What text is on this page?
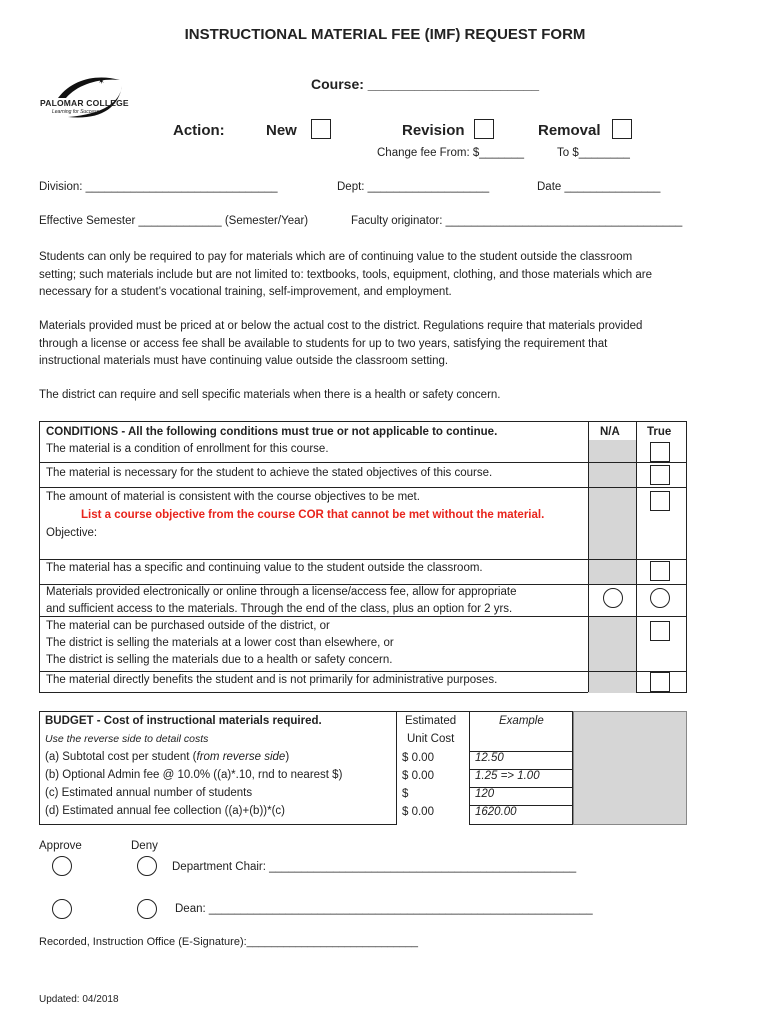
INSTRUCTIONAL MATERIAL FEE (IMF) REQUEST FORM
✶
PALOMAR COLLEGE
Learning for Success
Course: ______________________
Action:	New	Revision	Removal
Change fee From: $_______	To $________
Division: ______________________________	Dept: ___________________	Date _______________
Effective Semester _____________ (Semester/Year)	Faculty originator: _____________________________________
Students can only be required to pay for materials which are of continuing value to the student outside the classroom
setting; such materials include but are not limited to: textbooks, tools, equipment, clothing, and those materials which are
necessary for a student’s vocational training, self-improvement, and employment.
Materials provided must be priced at or below the actual cost to the district. Regulations require that materials provided
through a license or access fee shall be available to students for up to two years, satisfying the requirement that
instructional materials must have continuing value outside the classroom setting.
The district can require and sell specific materials when there is a health or safety concern.
CONDITIONS - All the following conditions must true or not applicable to continue.	N/A True
The material is a condition of enrollment for this course.
The material is necessary for the student to achieve the stated objectives of this course.
The amount of material is consistent with the course objectives to be met.
List a course objective from the course COR that cannot be met without the material.
Objective:
The material has a specific and continuing value to the student outside the classroom.
Materials provided electronically or online through a license/access fee, allow for appropriate
and sufficient access to the materials. Through the end of the class, plus an option for 2 yrs.
The material can be purchased outside of the district, or
The district is selling the materials at a lower cost than elsewhere, or
The district is selling the materials due to a health or safety concern.
The material directly benefits the student and is not primarily for administrative purposes.
BUDGET - Cost of instructional materials required.
Use the reverse side to detail costs
Estimated
Unit Cost
Example
(a) Subtotal cost per student (from reverse side)	$ 0.00	12.50
(b) Optional Admin fee @ 10.0% ((a)*.10, rnd to nearest $)	$ 0.00	1.25 => 1.00
(c) Estimated annual number of students	$	120
(d) Estimated annual fee collection ((a)+(b))*(c)	$ 0.00	1620.00
Approve	Deny
Department Chair: ________________________________________________
Dean: ____________________________________________________________
Recorded, Instruction Office (E-Signature):____________________________
Updated: 04/2018
